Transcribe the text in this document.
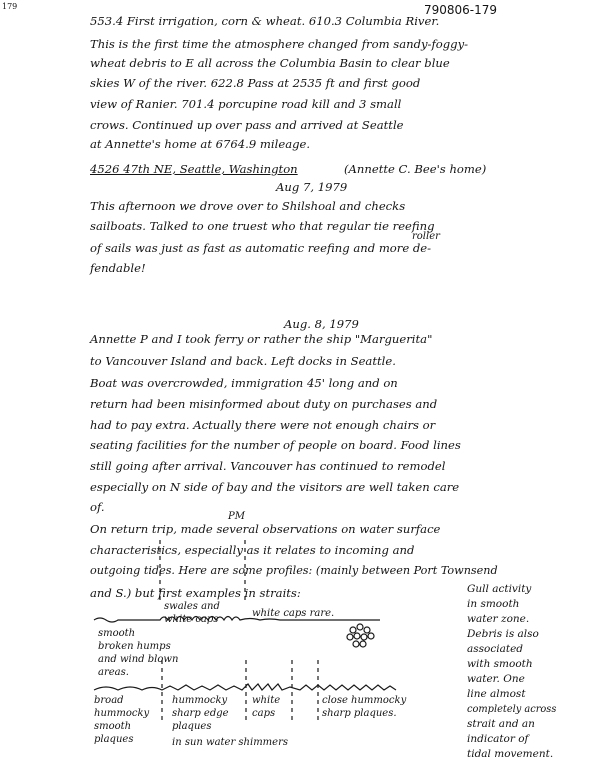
179	790806-179
553.4 First irrigation, corn & wheat. 610.3 Columbia River.
This is the first time the atmosphere changed from sandy-foggy-
wheat debris to E all across the Columbia Basin to clear blue
skies W of the river. 622.8 Pass at 2535 ft and first good
view of Ranier. 701.4 porcupine road kill and 3 small
crows. Continued up over pass and arrived at Seattle
at Annette's home at 6764.9 mileage.
4526 47th NE, Seattle, Washington	(Annette C. Bee's home)
Aug 7, 1979
This afternoon we drove over to Shilshoal and checks
sailboats. Talked to one truest who that regular tie reefing
roller
of sails was just as fast as automatic reefing and more de-
fendable!
Aug. 8, 1979
Annette P and I took ferry or rather the ship "Marguerita"
to Vancouver Island and back. Left docks in Seattle.
Boat was overcrowded, immigration 45' long and on
return had been misinformed about duty on purchases and
had to pay extra. Actually there were not enough chairs or
seating facilities for the number of people on board. Food lines
still going after arrival. Vancouver has continued to remodel
especially on N side of bay and the visitors are well taken care
of.
PM
On return trip, made several observations on water surface
characteristics, especially as it relates to incoming and
outgoing tides. Here are some profiles: (mainly between Port Townsend
and S.) but first examples in straits:
swales and
white caps
white caps rare.
smooth
broken humps
and wind blown
areas.
broad
hummocky
smooth
plaques
hummocky
sharp edge
plaques
white
caps
close hummocky
sharp plaques.
in sun water shimmers
Gull activity
in smooth
water zone.
Debris is also
associated
with smooth
water. One
line almost
completely across
strait and an
indicator of
tidal movement.
